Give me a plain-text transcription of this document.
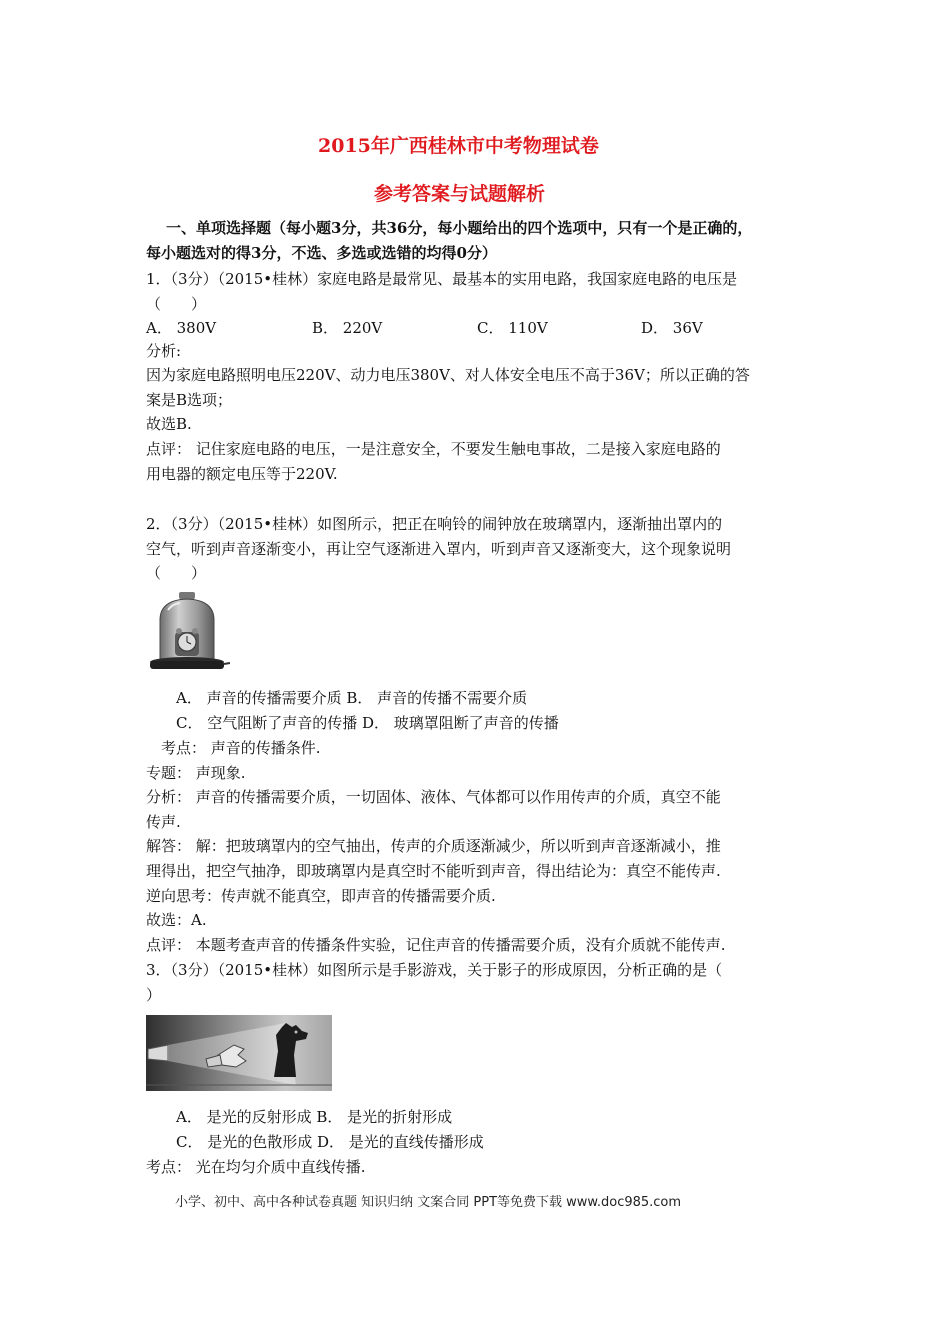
2015年广西桂林市中考物理试卷
参考答案与试题解析
一、单项选择题（每小题3分，共36分，每小题给出的四个选项中，只有一个是正确的，
每小题选对的得3分，不选、多选或选错的均得0分）
1．（3分）（2015•桂林）家庭电路是最常见、最基本的实用电路，我国家庭电路的电压是
（　　）
A． 380V	B． 220V	C． 110V	D． 36V
分析:
因为家庭电路照明电压220V、动力电压380V、对人体安全电压不高于36V；所以正确的答
案是B选项；
故选B.
点评： 记住家庭电路的电压，一是注意安全，不要发生触电事故，二是接入家庭电路的
用电器的额定电压等于220V.
2．（3分）（2015•桂林）如图所示，把正在响铃的闹钟放在玻璃罩内，逐渐抽出罩内的
空气，听到声音逐渐变小，再让空气逐渐进入罩内，听到声音又逐渐变大，这个现象说明
（　　）
A． 声音的传播需要介质 B． 声音的传播不需要介质
C． 空气阻断了声音的传播 D． 玻璃罩阻断了声音的传播
考点： 声音的传播条件.
专题： 声现象.
分析： 声音的传播需要介质，一切固体、液体、气体都可以作用传声的介质，真空不能
传声.
解答： 解：把玻璃罩内的空气抽出，传声的介质逐渐减少，所以听到声音逐渐减小，推
理得出，把空气抽净，即玻璃罩内是真空时不能听到声音，得出结论为：真空不能传声.
逆向思考：传声就不能真空，即声音的传播需要介质.
故选：A.
点评： 本题考查声音的传播条件实验，记住声音的传播需要介质，没有介质就不能传声.
3．（3分）（2015•桂林）如图所示是手影游戏，关于影子的形成原因，分析正确的是（
）
A． 是光的反射形成 B． 是光的折射形成
C． 是光的色散形成 D． 是光的直线传播形成
考点： 光在均匀介质中直线传播.
小学、初中、高中各种试卷真题 知识归纳 文案合同 PPT等免费下载 www.doc985.com
